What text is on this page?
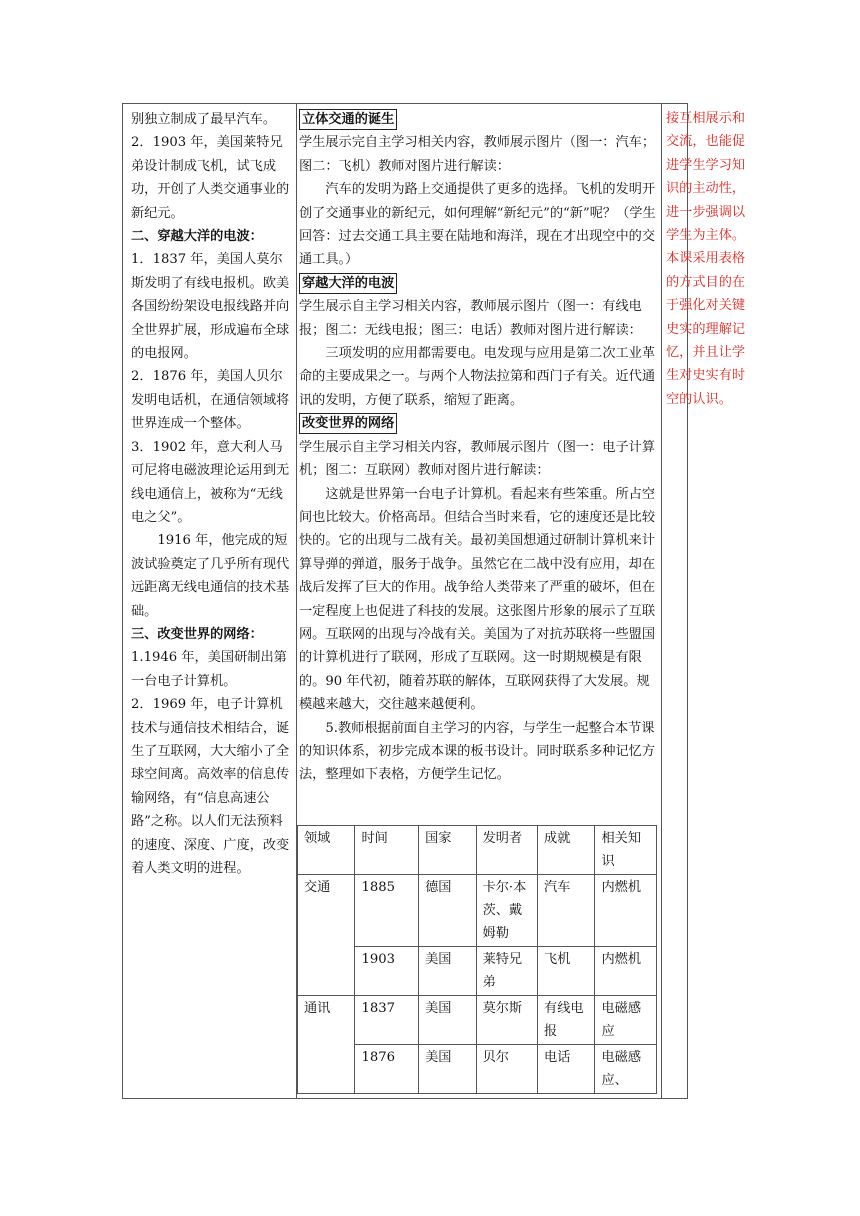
别独立制成了最早汽车。

2．1903 年，美国莱特兄弟设计制成飞机，试飞成功，开创了人类交通事业的新纪元。

二、穿越大洋的电波：

1．1837 年，美国人莫尔斯发明了有线电报机。欧美各国纷纷架设电报线路并向全世界扩展，形成遍布全球的电报网。

2．1876 年，美国人贝尔发明电话机，在通信领域将世界连成一个整体。

3．1902 年，意大利人马可尼将电磁波理论运用到无线电通信上，被称为“无线电之父”。

1916 年，他完成的短波试验奠定了几乎所有现代远距离无线电通信的技术基础。

三、改变世界的网络：

1.1946 年，美国研制出第一台电子计算机。

2．1969 年，电子计算机技术与通信技术相结合，诞生了互联网，大大缩小了全球空间离。高效率的信息传输网络，有“信息高速公路”之称。以人们无法预料的速度、深度、广度，改变着人类文明的进程。

立体交通的诞生

学生展示完自主学习相关内容，教师展示图片（图一：汽车；图二：飞机）教师对图片进行解读：

汽车的发明为路上交通提供了更多的选择。飞机的发明开创了交通事业的新纪元，如何理解“新纪元”的“新”呢？（学生回答：过去交通工具主要在陆地和海洋，现在才出现空中的交通工具。）

穿越大洋的电波

学生展示自主学习相关内容，教师展示图片（图一：有线电报；图二：无线电报；图三：电话）教师对图片进行解读：

三项发明的应用都需要电。电发现与应用是第二次工业革命的主要成果之一。与两个人物法拉第和西门子有关。近代通讯的发明，方便了联系，缩短了距离。

改变世界的网络

学生展示自主学习相关内容，教师展示图片（图一：电子计算机；图二：互联网）教师对图片进行解读：

这就是世界第一台电子计算机。看起来有些笨重。所占空间也比较大。价格高昂。但结合当时来看，它的速度还是比较快的。它的出现与二战有关。最初美国想通过研制计算机来计算导弹的弹道，服务于战争。虽然它在二战中没有应用，却在战后发挥了巨大的作用。战争给人类带来了严重的破坏，但在一定程度上也促进了科技的发展。这张图片形象的展示了互联网。互联网的出现与冷战有关。美国为了对抗苏联将一些盟国的计算机进行了联网，形成了互联网。这一时期规模是有限的。90 年代初，随着苏联的解体，互联网获得了大发展。规模越来越大，交往越来越便利。

5.教师根据前面自主学习的内容，与学生一起整合本节课的知识体系，初步完成本课的板书设计。同时联系多种记忆方法，整理如下表格，方便学生记忆。

领域	时间	国家	发明者	成就	相关知识
交通	1885	德国	卡尔·本茨、戴姆勒	汽车	内燃机
	1903	美国	莱特兄弟	飞机	内燃机
通讯	1837	美国	莫尔斯	有线电报	电磁感应
	1876	美国	贝尔	电话	电磁感应、
接互相展示和交流，也能促进学生学习知识的主动性，进一步强调以学生为主体。本课采用表格的方式目的在于强化对关键史实的理解记忆，并且让学生对史实有时空的认识。
